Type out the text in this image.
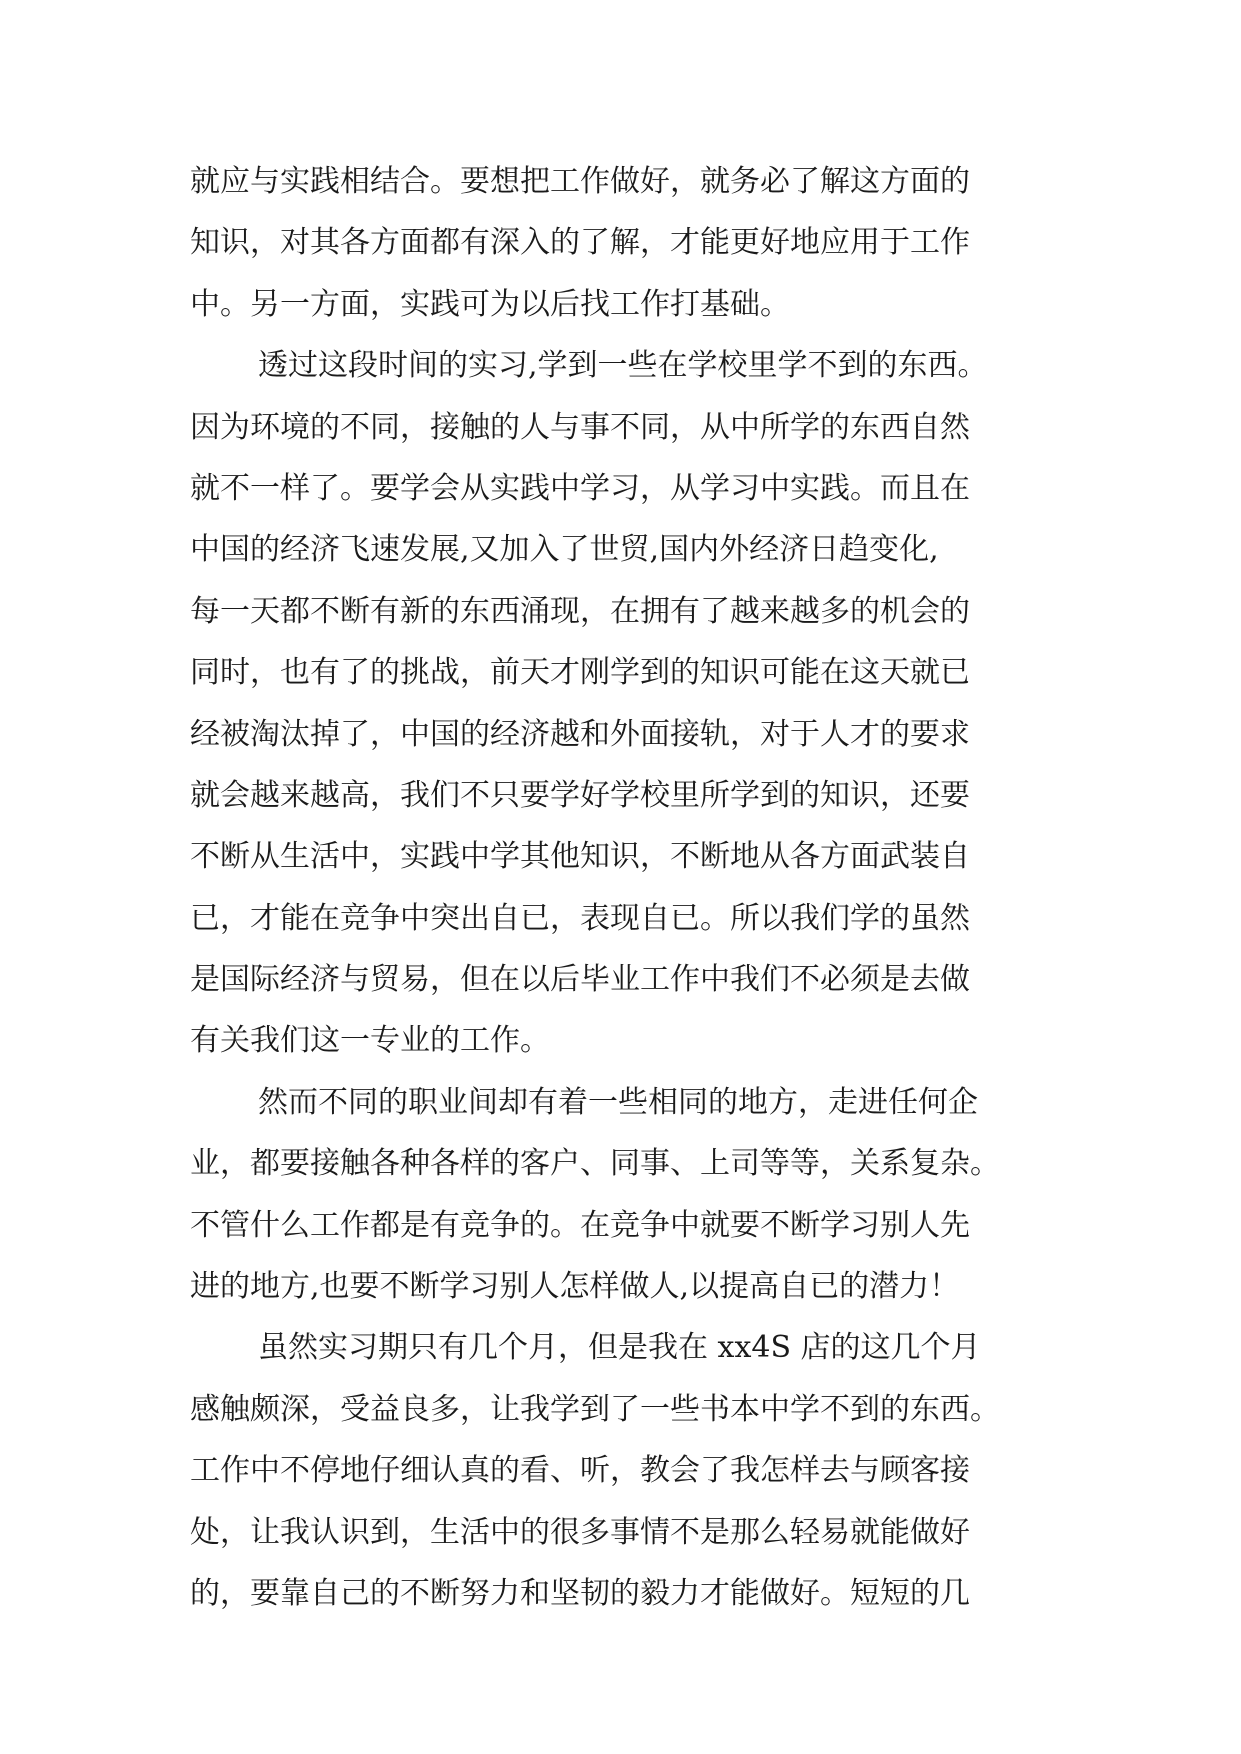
就应与实践相结合。要想把工作做好，就务必了解这方面的
知识，对其各方面都有深入的了解，才能更好地应用于工作
中。另一方面，实践可为以后找工作打基础。
透过这段时间的实习,学到一些在学校里学不到的东西。
因为环境的不同，接触的人与事不同，从中所学的东西自然
就不一样了。要学会从实践中学习，从学习中实践。而且在
中国的经济飞速发展,又加入了世贸,国内外经济日趋变化,
每一天都不断有新的东西涌现，在拥有了越来越多的机会的
同时，也有了的挑战，前天才刚学到的知识可能在这天就已
经被淘汰掉了，中国的经济越和外面接轨，对于人才的要求
就会越来越高，我们不只要学好学校里所学到的知识，还要
不断从生活中，实践中学其他知识，不断地从各方面武装自
已，才能在竞争中突出自已，表现自已。所以我们学的虽然
是国际经济与贸易，但在以后毕业工作中我们不必须是去做
有关我们这一专业的工作。
然而不同的职业间却有着一些相同的地方，走进任何企
业，都要接触各种各样的客户、同事、上司等等，关系复杂。
不管什么工作都是有竞争的。在竞争中就要不断学习别人先
进的地方,也要不断学习别人怎样做人,以提高自已的潜力！
虽然实习期只有几个月，但是我在 xx4S 店的这几个月
感触颇深，受益良多，让我学到了一些书本中学不到的东西。
工作中不停地仔细认真的看、听，教会了我怎样去与顾客接
处，让我认识到，生活中的很多事情不是那么轻易就能做好
的，要靠自己的不断努力和坚韧的毅力才能做好。短短的几
